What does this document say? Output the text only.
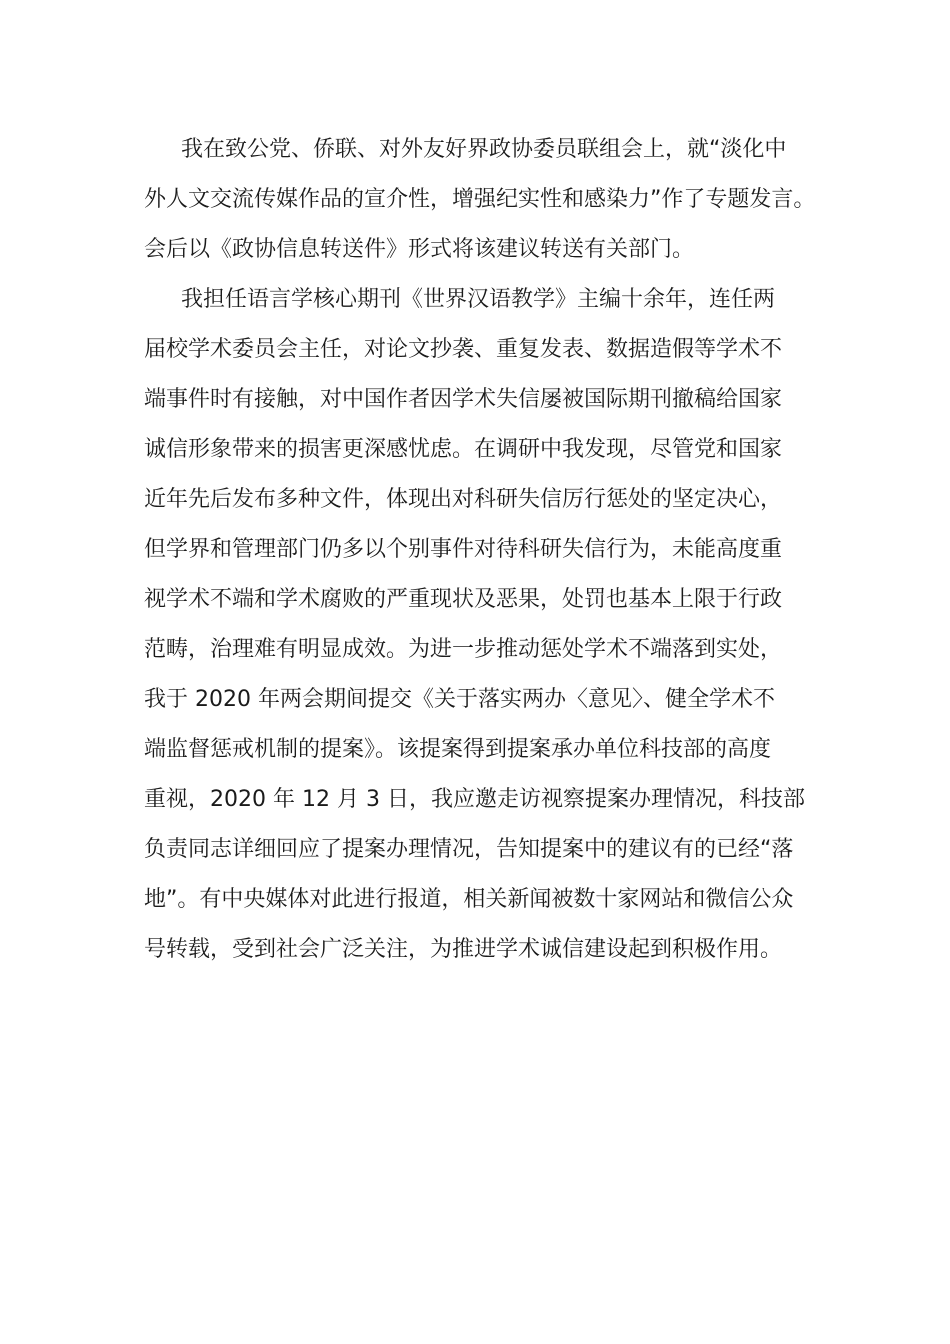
我在致公党、侨联、对外友好界政协委员联组会上，就“淡化中
外人文交流传媒作品的宣介性，增强纪实性和感染力”作了专题发言。
会后以《政协信息转送件》形式将该建议转送有关部门。
我担任语言学核心期刊《世界汉语教学》主编十余年，连任两
届校学术委员会主任，对论文抄袭、重复发表、数据造假等学术不
端事件时有接触，对中国作者因学术失信屡被国际期刊撤稿给国家
诚信形象带来的损害更深感忧虑。在调研中我发现，尽管党和国家
近年先后发布多种文件，体现出对科研失信厉行惩处的坚定决心，
但学界和管理部门仍多以个别事件对待科研失信行为，未能高度重
视学术不端和学术腐败的严重现状及恶果，处罚也基本上限于行政
范畴，治理难有明显成效。为进一步推动惩处学术不端落到实处，
我于 2020 年两会期间提交《关于落实两办〈意见〉、健全学术不
端监督惩戒机制的提案》。该提案得到提案承办单位科技部的高度
重视，2020 年 12 月 3 日，我应邀走访视察提案办理情况，科技部
负责同志详细回应了提案办理情况，告知提案中的建议有的已经“落
地”。有中央媒体对此进行报道，相关新闻被数十家网站和微信公众
号转载，受到社会广泛关注，为推进学术诚信建设起到积极作用。
